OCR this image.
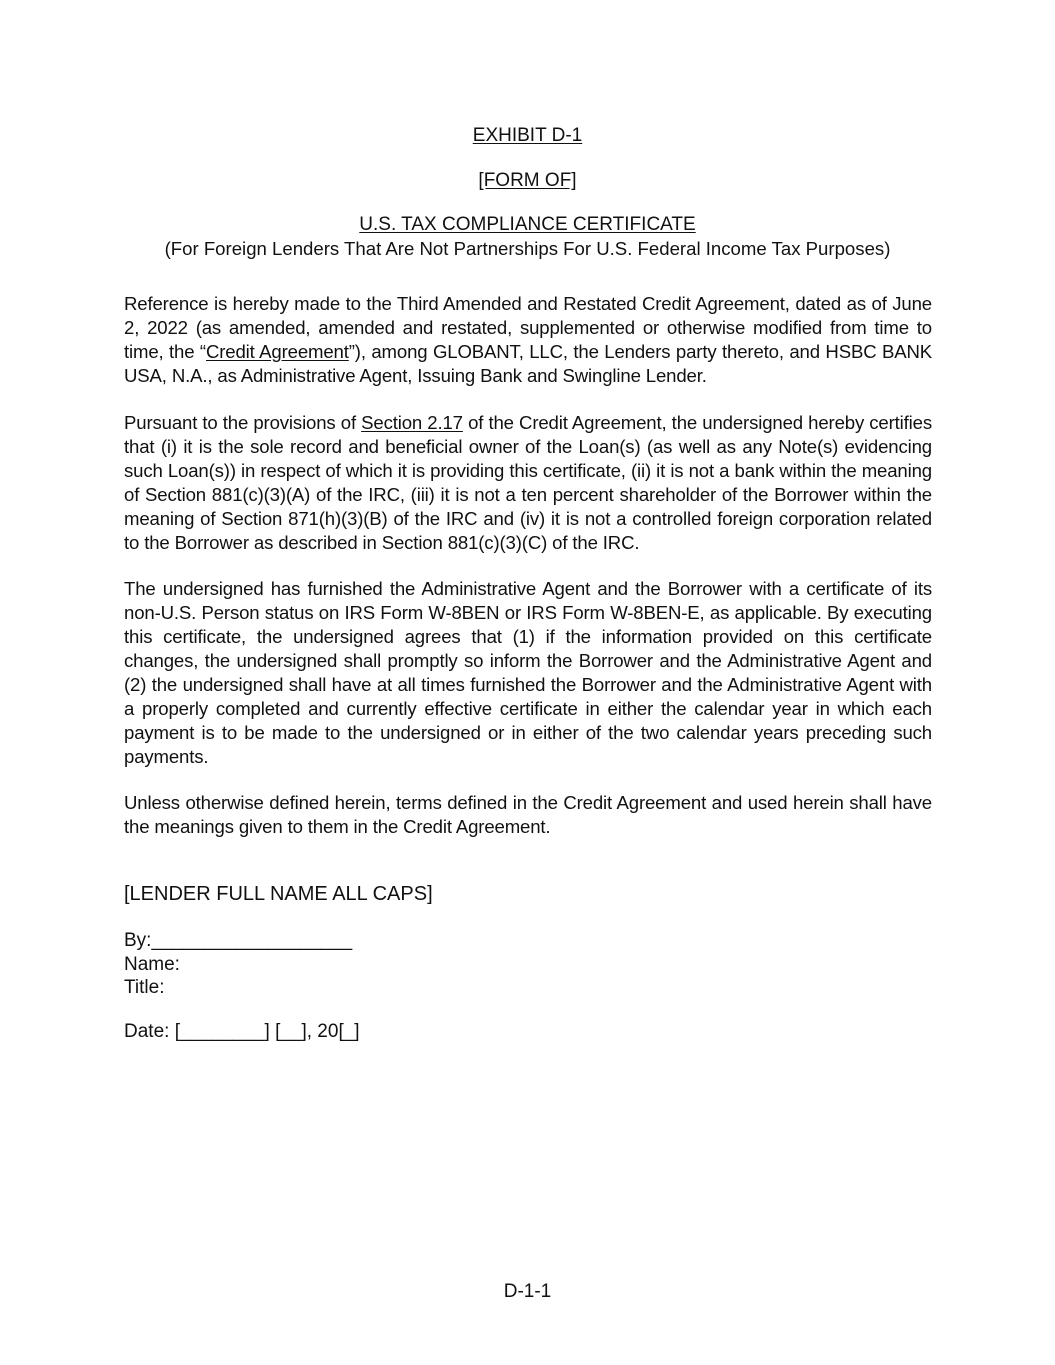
EXHIBIT D-1
[FORM OF]
U.S. TAX COMPLIANCE CERTIFICATE
(For Foreign Lenders That Are Not Partnerships For U.S. Federal Income Tax Purposes)
Reference is hereby made to the Third Amended and Restated Credit Agreement, dated as of June 2, 2022 (as amended, amended and restated, supplemented or otherwise modified from time to time, the “Credit Agreement”), among GLOBANT, LLC, the Lenders party thereto, and HSBC BANK USA, N.A., as Administrative Agent, Issuing Bank and Swingline Lender.
Pursuant to the provisions of Section 2.17 of the Credit Agreement, the undersigned hereby certifies that (i) it is the sole record and beneficial owner of the Loan(s) (as well as any Note(s) evidencing such Loan(s)) in respect of which it is providing this certificate, (ii) it is not a bank within the meaning of Section 881(c)(3)(A) of the IRC, (iii) it is not a ten percent shareholder of the Borrower within the meaning of Section 871(h)(3)(B) of the IRC and (iv) it is not a controlled foreign corporation related to the Borrower as described in Section 881(c)(3)(C) of the IRC.
The undersigned has furnished the Administrative Agent and the Borrower with a certificate of its non-U.S. Person status on IRS Form W-8BEN or IRS Form W-8BEN-E, as applicable. By executing this certificate, the undersigned agrees that (1) if the information provided on this certificate changes, the undersigned shall promptly so inform the Borrower and the Administrative Agent and (2) the undersigned shall have at all times furnished the Borrower and the Administrative Agent with a properly completed and currently effective certificate in either the calendar year in which each payment is to be made to the undersigned or in either of the two calendar years preceding such payments.
Unless otherwise defined herein, terms defined in the Credit Agreement and used herein shall have the meanings given to them in the Credit Agreement.
[LENDER FULL NAME ALL CAPS]
By:___________________
Name:
Title:
Date: [________] [__], 20[_]
D-1-1
